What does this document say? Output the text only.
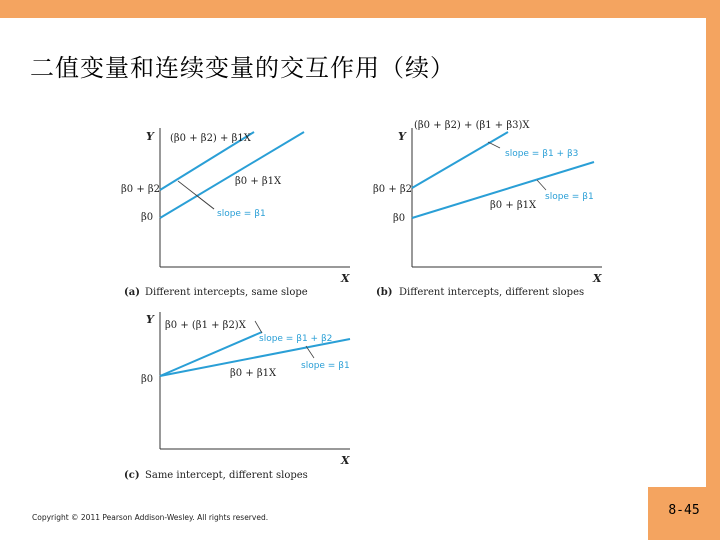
二值变量和连续变量的交互作用（续）
Y
X
(β0 + β2) + β1X
β0 + β1X
β0 + β2
β0	slope = β1
(a) Different intercepts, same slope
Y
X
(β0 + β2) + (β1 + β3)X
slope = β1 + β3
β0 + β2
β0
slope = β1
β0 + β1X
(b) Different intercepts, different slopes
Y
X
β0 + (β1 + β2)X
slope = β1 + β2
slope = β1
β0 + β1X
β0
(c) Same intercept, different slopes
Copyright © 2011 Pearson Addison-Wesley. All rights reserved.	8-45
